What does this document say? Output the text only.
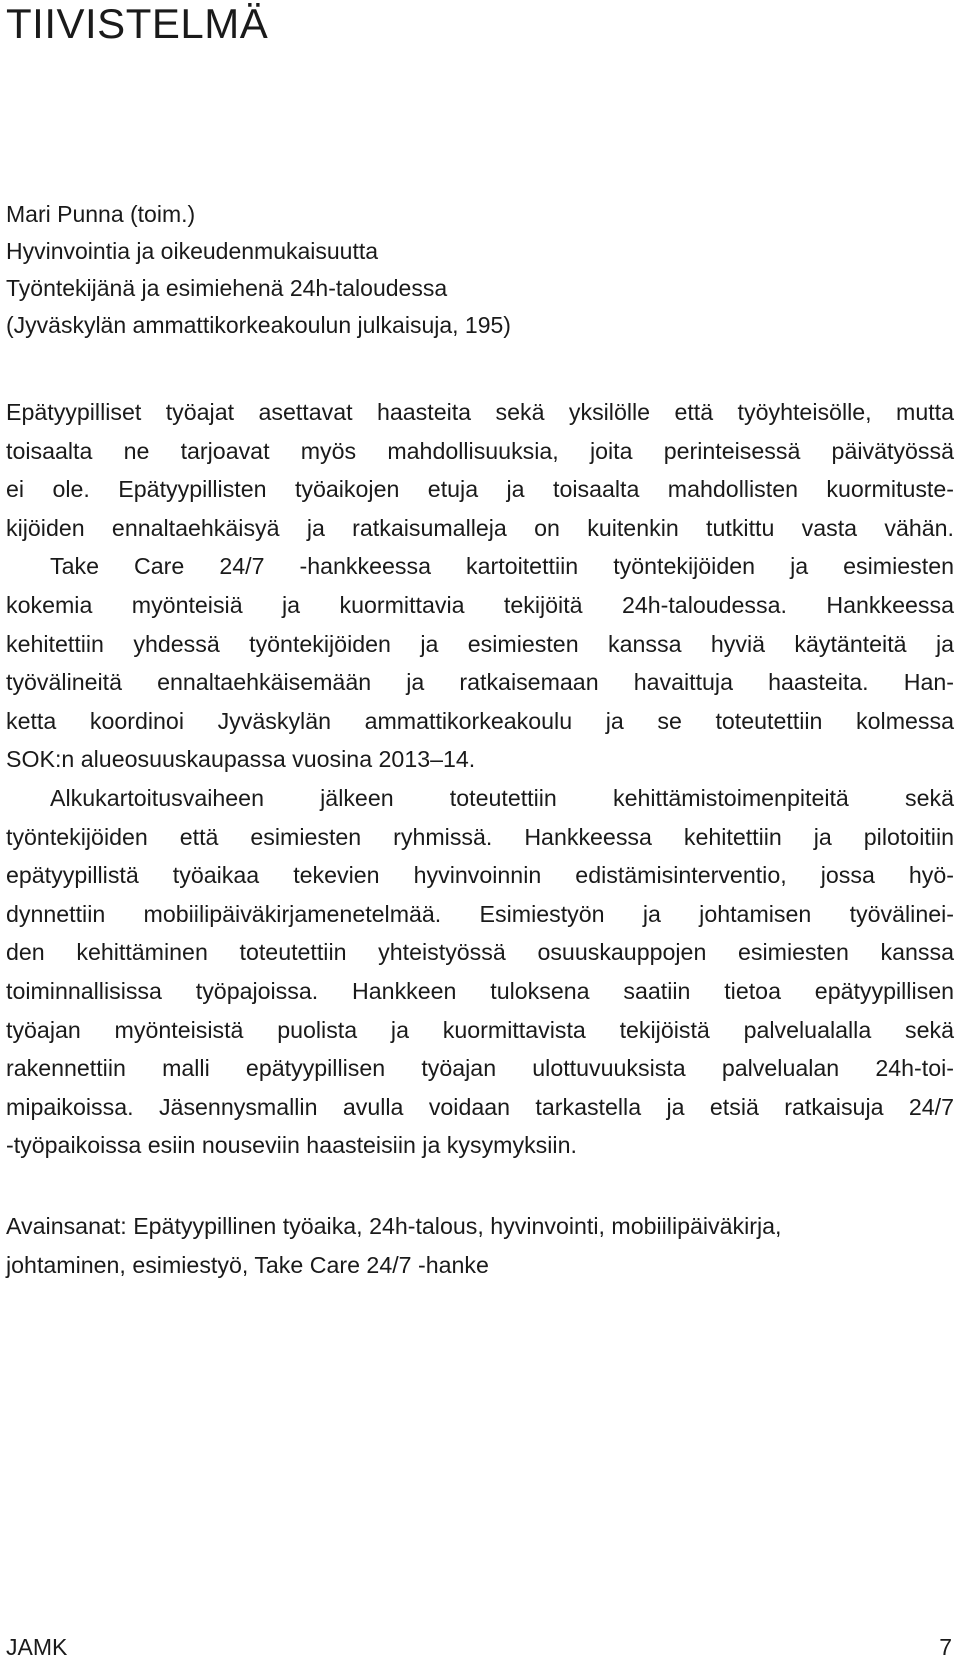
TIIVISTELMÄ
Mari Punna (toim.)
Hyvinvointia ja oikeudenmukaisuutta
Työntekijänä ja esimiehenä 24h-taloudessa
(Jyväskylän ammattikorkeakoulun julkaisuja, 195)
Epätyypilliset työajat asettavat haasteita sekä yksilölle että työyhteisölle, mutta
toisaalta ne tarjoavat myös mahdollisuuksia, joita perinteisessä päivätyössä
ei ole. Epätyypillisten työaikojen etuja ja toisaalta mahdollisten kuormituste-
kijöiden ennaltaehkäisyä ja ratkaisumalleja on kuitenkin tutkittu vasta vähän.
Take Care 24/7 -hankkeessa kartoitettiin työntekijöiden ja esimiesten
kokemia myönteisiä ja kuormittavia tekijöitä 24h-taloudessa. Hankkeessa
kehitettiin yhdessä työntekijöiden ja esimiesten kanssa hyviä käytänteitä ja
työvälineitä ennaltaehkäisemään ja ratkaisemaan havaittuja haasteita. Han-
ketta koordinoi Jyväskylän ammattikorkeakoulu ja se toteutettiin kolmessa
SOK:n alueosuuskaupassa vuosina 2013–14.
Alkukartoitusvaiheen jälkeen toteutettiin kehittämistoimenpiteitä sekä
työntekijöiden että esimiesten ryhmissä. Hankkeessa kehitettiin ja pilotoitiin
epätyypillistä työaikaa tekevien hyvinvoinnin edistämisinterventio, jossa hyö-
dynnettiin mobiilipäiväkirjamenetelmää. Esimiestyön ja johtamisen työvälinei-
den kehittäminen toteutettiin yhteistyössä osuuskauppojen esimiesten kanssa
toiminnallisissa työpajoissa. Hankkeen tuloksena saatiin tietoa epätyypillisen
työajan myönteisistä puolista ja kuormittavista tekijöistä palvelualalla sekä
rakennettiin malli epätyypillisen työajan ulottuvuuksista palvelualan 24h-toi-
mipaikoissa. Jäsennysmallin avulla voidaan tarkastella ja etsiä ratkaisuja 24/7
-työpaikoissa esiin nouseviin haasteisiin ja kysymyksiin.
Avainsanat: Epätyypillinen työaika, 24h-talous, hyvinvointi, mobiilipäiväkirja,
johtaminen, esimiestyö, Take Care 24/7 -hanke
JAMK	7
